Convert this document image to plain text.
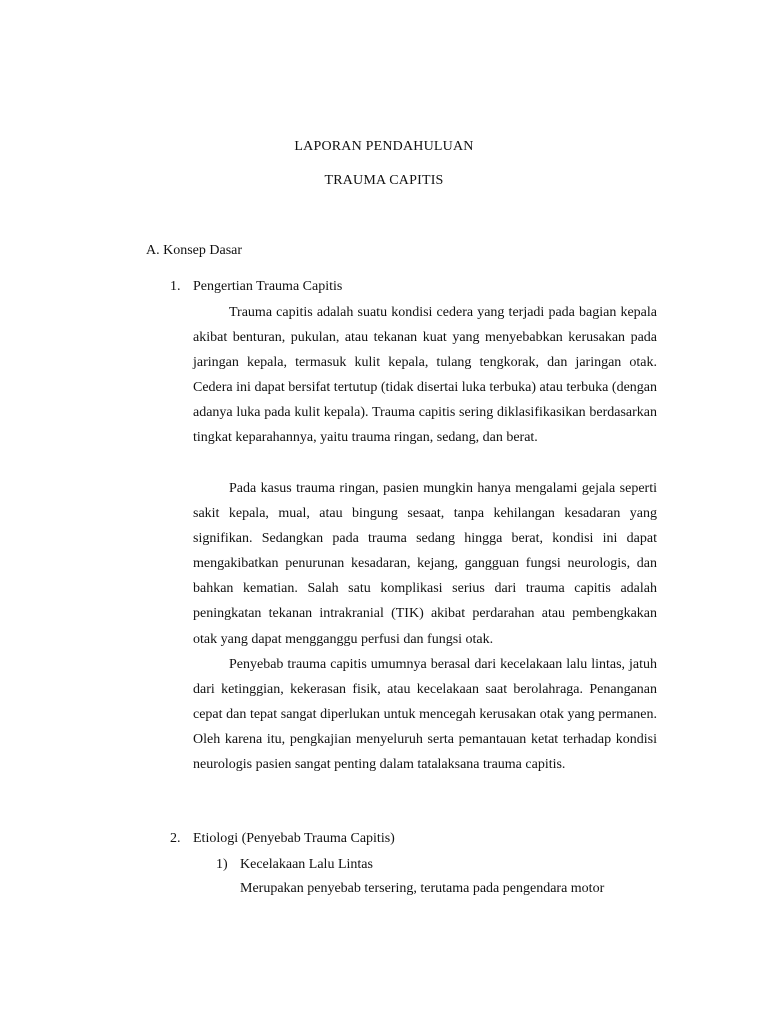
LAPORAN PENDAHULUAN
TRAUMA CAPITIS
A. Konsep Dasar
1. Pengertian Trauma Capitis

Trauma capitis adalah suatu kondisi cedera yang terjadi pada bagian kepala akibat benturan, pukulan, atau tekanan kuat yang menyebabkan kerusakan pada jaringan kepala, termasuk kulit kepala, tulang tengkorak, dan jaringan otak. Cedera ini dapat bersifat tertutup (tidak disertai luka terbuka) atau terbuka (dengan adanya luka pada kulit kepala). Trauma capitis sering diklasifikasikan berdasarkan tingkat keparahannya, yaitu trauma ringan, sedang, dan berat.

Pada kasus trauma ringan, pasien mungkin hanya mengalami gejala seperti sakit kepala, mual, atau bingung sesaat, tanpa kehilangan kesadaran yang signifikan. Sedangkan pada trauma sedang hingga berat, kondisi ini dapat mengakibatkan penurunan kesadaran, kejang, gangguan fungsi neurologis, dan bahkan kematian. Salah satu komplikasi serius dari trauma capitis adalah peningkatan tekanan intrakranial (TIK) akibat perdarahan atau pembengkakan otak yang dapat mengganggu perfusi dan fungsi otak.

Penyebab trauma capitis umumnya berasal dari kecelakaan lalu lintas, jatuh dari ketinggian, kekerasan fisik, atau kecelakaan saat berolahraga. Penanganan cepat dan tepat sangat diperlukan untuk mencegah kerusakan otak yang permanen. Oleh karena itu, pengkajian menyeluruh serta pemantauan ketat terhadap kondisi neurologis pasien sangat penting dalam tatalaksana trauma capitis.

2. Etiologi (Penyebab Trauma Capitis)
1) Kecelakaan Lalu Lintas
Merupakan penyebab tersering, terutama pada pengendara motor
